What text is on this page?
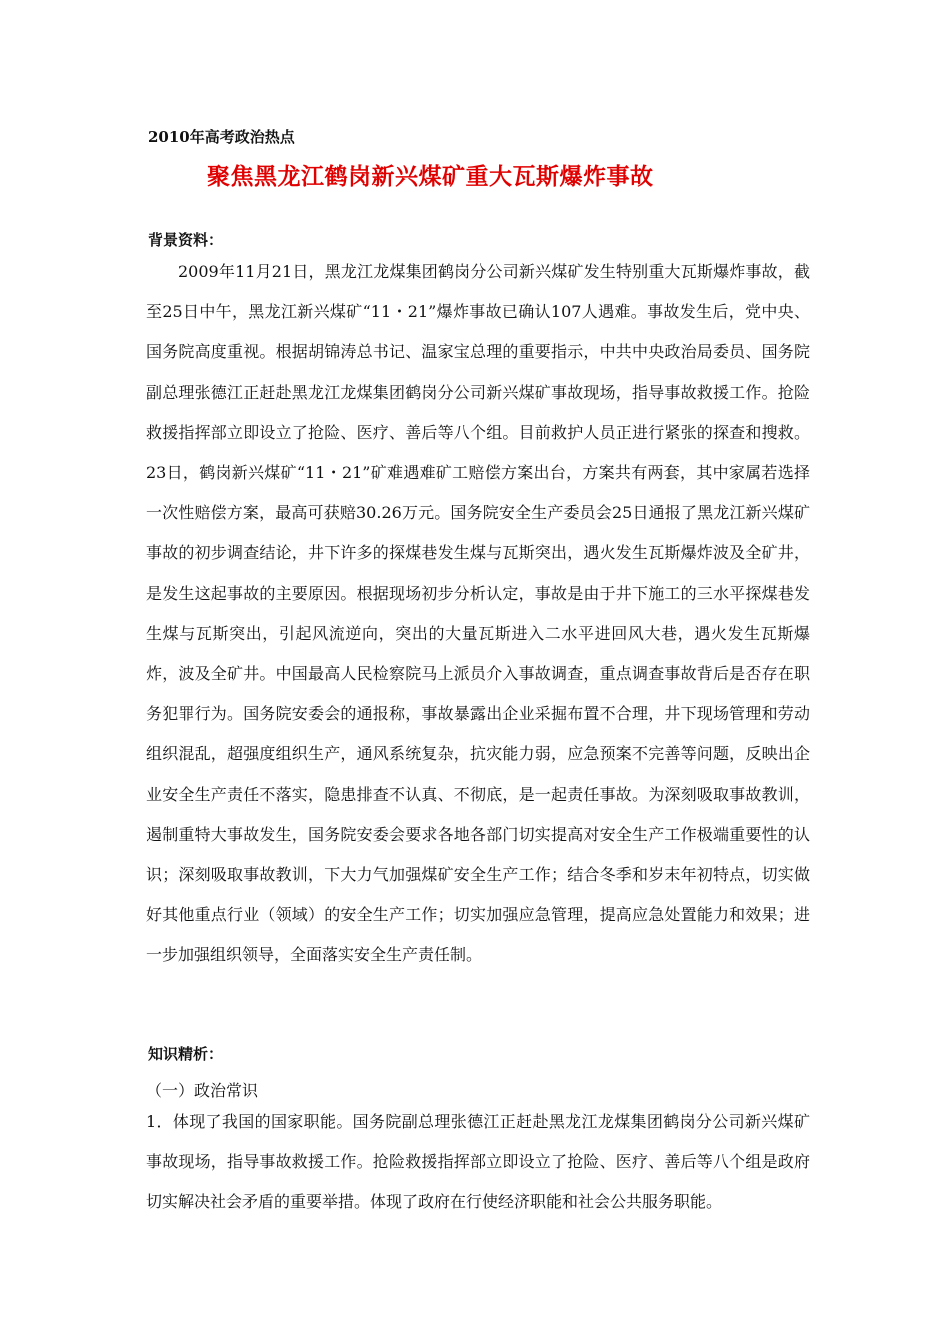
2010年高考政治热点
聚焦黑龙江鹤岗新兴煤矿重大瓦斯爆炸事故
背景资料：
2009年11月21日，黑龙江龙煤集团鹤岗分公司新兴煤矿发生特别重大瓦斯爆炸事故，截至25日中午，黑龙江新兴煤矿“11・21”爆炸事故已确认107人遇难。事故发生后，党中央、国务院高度重视。根据胡锦涛总书记、温家宝总理的重要指示，中共中央政治局委员、国务院副总理张德江正赶赴黑龙江龙煤集团鹤岗分公司新兴煤矿事故现场，指导事故救援工作。抢险救援指挥部立即设立了抢险、医疗、善后等八个组。目前救护人员正进行紧张的探查和搜救。23日，鹤岗新兴煤矿“11・21”矿难遇难矿工赔偿方案出台，方案共有两套，其中家属若选择一次性赔偿方案，最高可获赔30.26万元。国务院安全生产委员会25日通报了黑龙江新兴煤矿事故的初步调查结论，井下许多的探煤巷发生煤与瓦斯突出，遇火发生瓦斯爆炸波及全矿井，是发生这起事故的主要原因。根据现场初步分析认定，事故是由于井下施工的三水平探煤巷发生煤与瓦斯突出，引起风流逆向，突出的大量瓦斯进入二水平进回风大巷，遇火发生瓦斯爆炸，波及全矿井。中国最高人民检察院马上派员介入事故调查，重点调查事故背后是否存在职务犯罪行为。国务院安委会的通报称，事故暴露出企业采掘布置不合理，井下现场管理和劳动组织混乱，超强度组织生产，通风系统复杂，抗灾能力弱，应急预案不完善等问题，反映出企业安全生产责任不落实，隐患排查不认真、不彻底，是一起责任事故。为深刻吸取事故教训，遏制重特大事故发生，国务院安委会要求各地各部门切实提高对安全生产工作极端重要性的认识；深刻吸取事故教训，下大力气加强煤矿安全生产工作；结合冬季和岁末年初特点，切实做好其他重点行业（领域）的安全生产工作；切实加强应急管理，提高应急处置能力和效果；进一步加强组织领导，全面落实安全生产责任制。
知识精析：
（一）政治常识
1．体现了我国的国家职能。国务院副总理张德江正赶赴黑龙江龙煤集团鹤岗分公司新兴煤矿事故现场，指导事故救援工作。抢险救援指挥部立即设立了抢险、医疗、善后等八个组是政府切实解决社会矛盾的重要举措。体现了政府在行使经济职能和社会公共服务职能。
